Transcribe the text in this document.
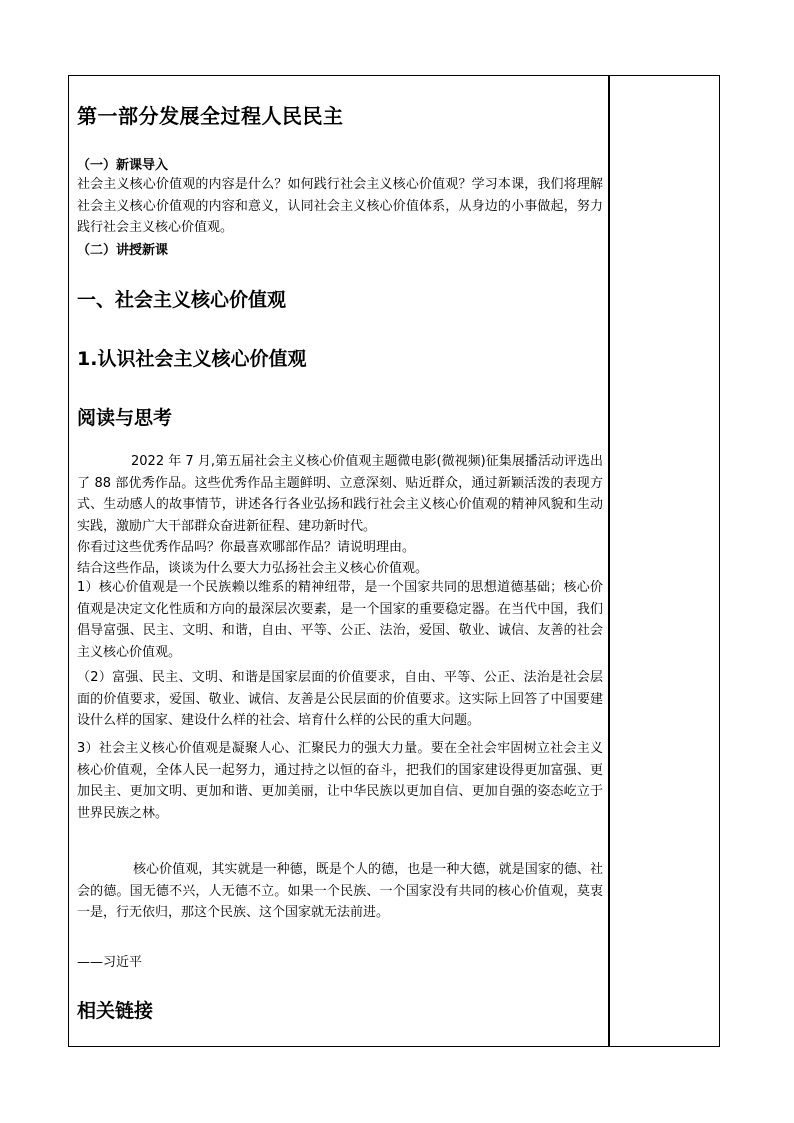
第一部分发展全过程人民民主
（一）新课导入

社会主义核心价值观的内容是什么？如何践行社会主义核心价值观？学习本课，我们将理解社会主义核心价值观的内容和意义，认同社会主义核心价值体系，从身边的小事做起，努力践行社会主义核心价值观。

（二）讲授新课
一、社会主义核心价值观
1.认识社会主义核心价值观
阅读与思考

2022 年 7 月,第五届社会主义核心价值观主题微电影(微视频)征集展播活动评选出了 88 部优秀作品。这些优秀作品主题鲜明、立意深刻、贴近群众，通过新颖活泼的表现方式、生动感人的故事情节，讲述各行各业弘扬和践行社会主义核心价值观的精神风貌和生动实践，激励广大干部群众奋进新征程、建功新时代。

你看过这些优秀作品吗？你最喜欢哪部作品？请说明理由。

结合这些作品，谈谈为什么要大力弘扬社会主义核心价值观。

1）核心价值观是一个民族赖以维系的精神纽带，是一个国家共同的思想道德基础；核心价值观是决定文化性质和方向的最深层次要素，是一个国家的重要稳定器。在当代中国，我们倡导富强、民主、文明、和谐，自由、平等、公正、法治，爱国、敬业、诚信、友善的社会主义核心价值观。

（2）富强、民主、文明、和谐是国家层面的价值要求，自由、平等、公正、法治是社会层面的价值要求，爱国、敬业、诚信、友善是公民层面的价值要求。这实际上回答了中国要建设什么样的国家、建设什么样的社会、培育什么样的公民的重大问题。

3）社会主义核心价值观是凝聚人心、汇聚民力的强大力量。要在全社会牢固树立社会主义核心价值观，全体人民一起努力，通过持之以恒的奋斗，把我们的国家建设得更加富强、更加民主、更加文明、更加和谐、更加美丽，让中华民族以更加自信、更加自强的姿态屹立于世界民族之林。

核心价值观，其实就是一种德，既是个人的德，也是一种大德，就是国家的德、社会的德。国无德不兴，人无德不立。如果一个民族、一个国家没有共同的核心价值观，莫衷一是，行无依归，那这个民族、这个国家就无法前进。

——习近平

相关链接
